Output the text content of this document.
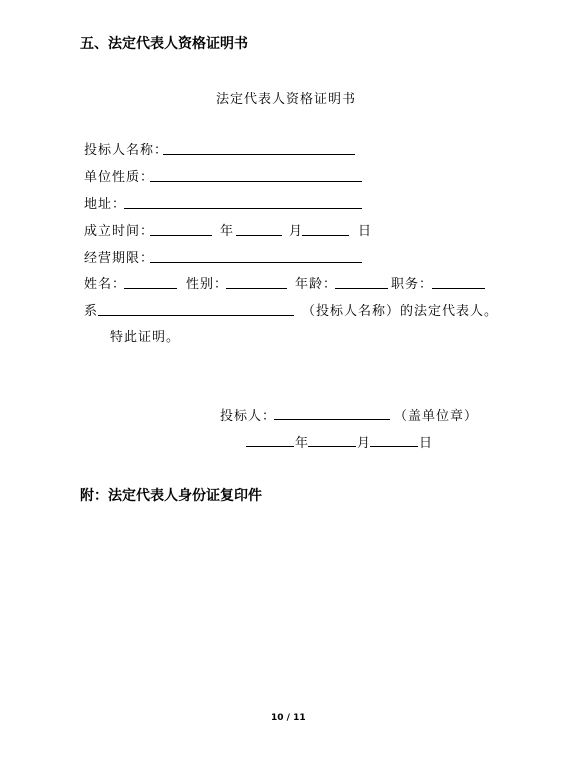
五、法定代表人资格证明书
法定代表人资格证明书
投标人名称：
单位性质：
地址：
成立时间：	年	月	日
经营期限：
姓名：	性别：	年龄：	职务：
系	（投标人名称）的法定代表人。
特此证明。
投标人：	（盖单位章）
年	月	日
附：法定代表人身份证复印件
10 / 11
